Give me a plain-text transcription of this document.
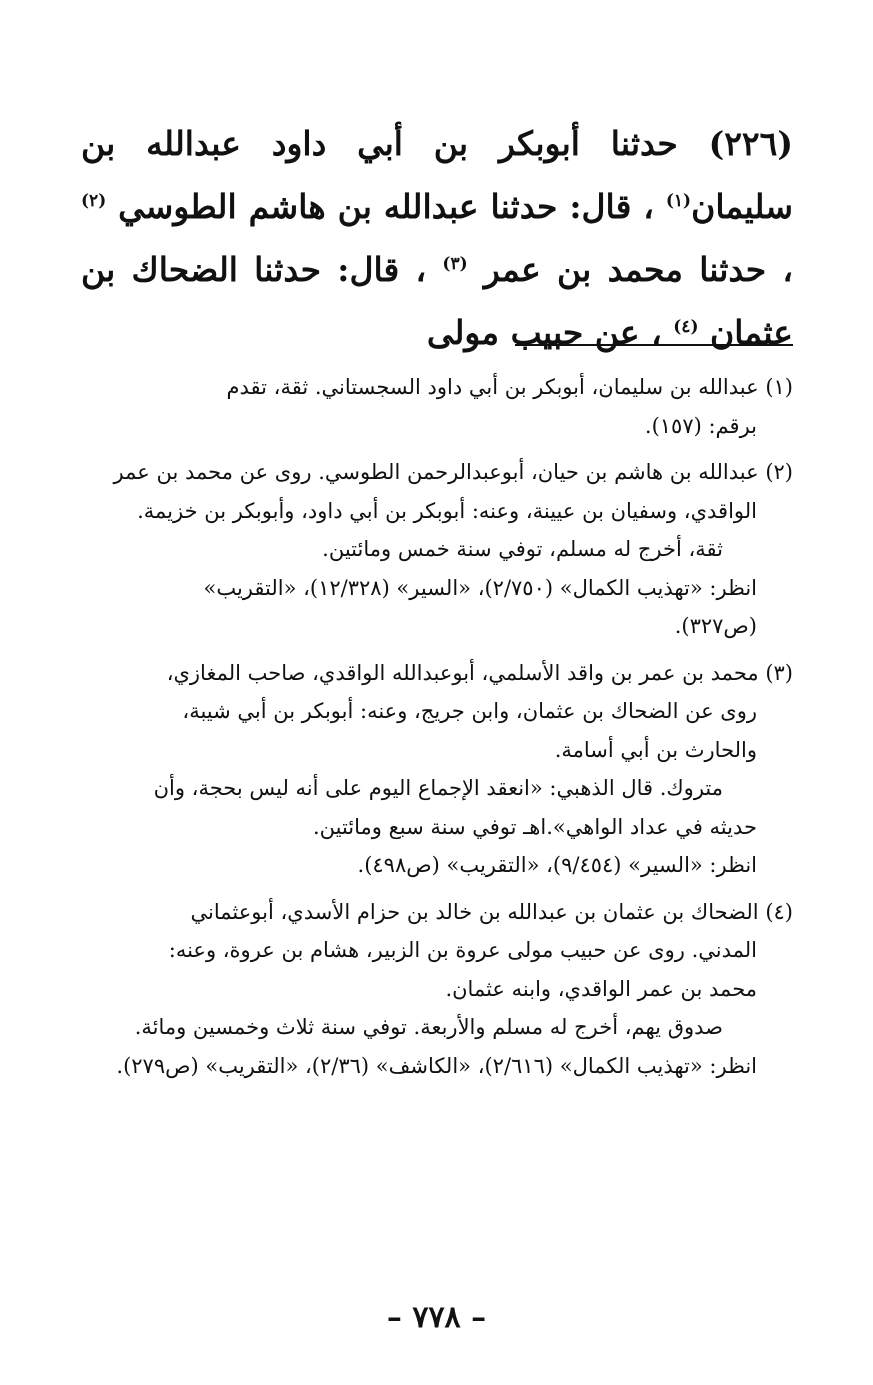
(٢٢٦) حدثنا أبوبكر بن أبي داود عبدالله بن سليمان$^{(١)}$ ، قال: حدثنا عبدالله بن هاشم الطوسي $^{(٢)}$ ، حدثنا محمد بن عمر $^{(٣)}$ ، قال: حدثنا الضحاك بن عثمان $^{(٤)}$ ، عن حبيب مولى

(١) عبدالله بن سليمان، أبوبكر بن أبي داود السجستاني. ثقة، تقدم

برقم: (١٥٧).

(٢) عبدالله بن هاشم بن حيان، أبوعبدالرحمن الطوسي. روى عن محمد بن عمر

الواقدي، وسفيان بن عيينة، وعنه: أبوبكر بن أبي داود، وأبوبكر بن خزيمة.

ثقة، أخرج له مسلم، توفي سنة خمس ومائتين.

انظر: «تهذيب الكمال» (٢/٧٥٠)، «السير» (١٢/٣٢٨)، «التقريب»

(ص٣٢٧).

(٣) محمد بن عمر بن واقد الأسلمي، أبوعبدالله الواقدي، صاحب المغازي،

روى عن الضحاك بن عثمان، وابن جريج، وعنه: أبوبكر بن أبي شيبة،

والحارث بن أبي أسامة.

متروك. قال الذهبي: «انعقد الإجماع اليوم على أنه ليس بحجة، وأن

حديثه في عداد الواهي».اهـ توفي سنة سبع ومائتين.

انظر: «السير» (٩/٤٥٤)، «التقريب» (ص٤٩٨).

(٤) الضحاك بن عثمان بن عبدالله بن خالد بن حزام الأسدي، أبوعثماني

المدني. روى عن حبيب مولى عروة بن الزبير، هشام بن عروة، وعنه:

محمد بن عمر الواقدي، وابنه عثمان.

صدوق يهم، أخرج له مسلم والأربعة. توفي سنة ثلاث وخمسين ومائة.

انظر: «تهذيب الكمال» (٢/٦١٦)، «الكاشف» (٢/٣٦)، «التقريب» (ص٢٧٩).

– ٧٧٨ –
